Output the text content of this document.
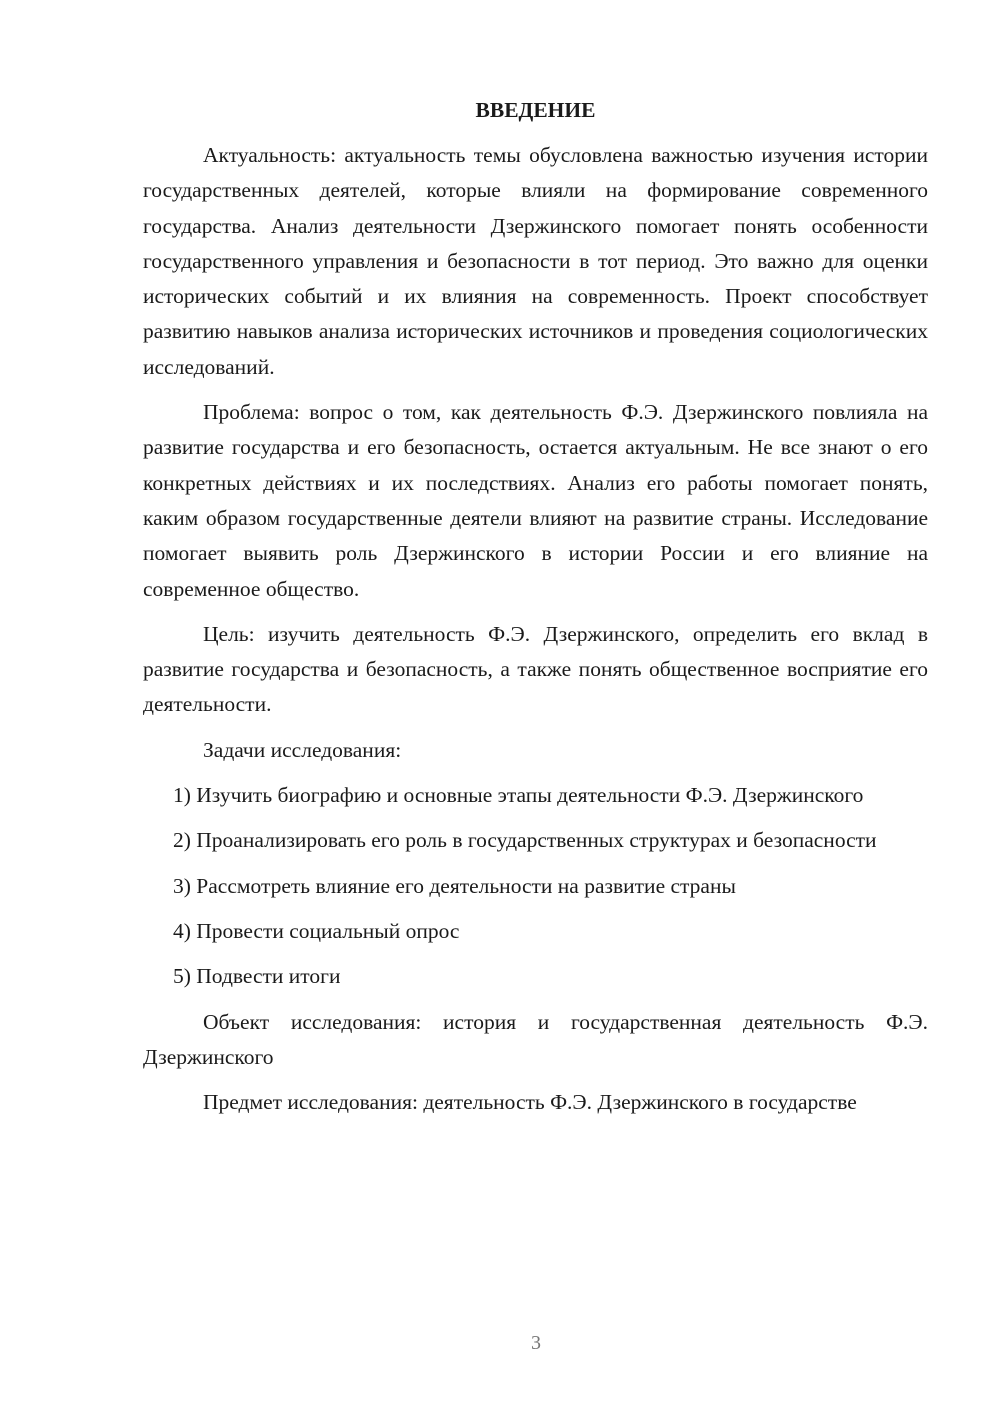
ВВЕДЕНИЕ

Актуальность: актуальность темы обусловлена важностью изучения истории государственных деятелей, которые влияли на формирование современного государства. Анализ деятельности Дзержинского помогает понять особенности государственного управления и безопасности в тот период. Это важно для оценки исторических событий и их влияния на современность. Проект способствует развитию навыков анализа исторических источников и проведения социологических исследований.

Проблема: вопрос о том, как деятельность Ф.Э. Дзержинского повлияла на развитие государства и его безопасность, остается актуальным. Не все знают о его конкретных действиях и их последствиях. Анализ его работы помогает понять, каким образом государственные деятели влияют на развитие страны. Исследование помогает выявить роль Дзержинского в истории России и его влияние на современное общество.

Цель: изучить деятельность Ф.Э. Дзержинского, определить его вклад в развитие государства и безопасность, а также понять общественное восприятие его деятельности.

Задачи исследования:

1) Изучить биографию и основные этапы деятельности Ф.Э. Дзержинского

2) Проанализировать его роль в государственных структурах и безопасности

3) Рассмотреть влияние его деятельности на развитие страны

4) Провести социальный опрос

5) Подвести итоги

Объект исследования: история и государственная деятельность Ф.Э. Дзержинского

Предмет исследования: деятельность Ф.Э. Дзержинского в государстве

3
